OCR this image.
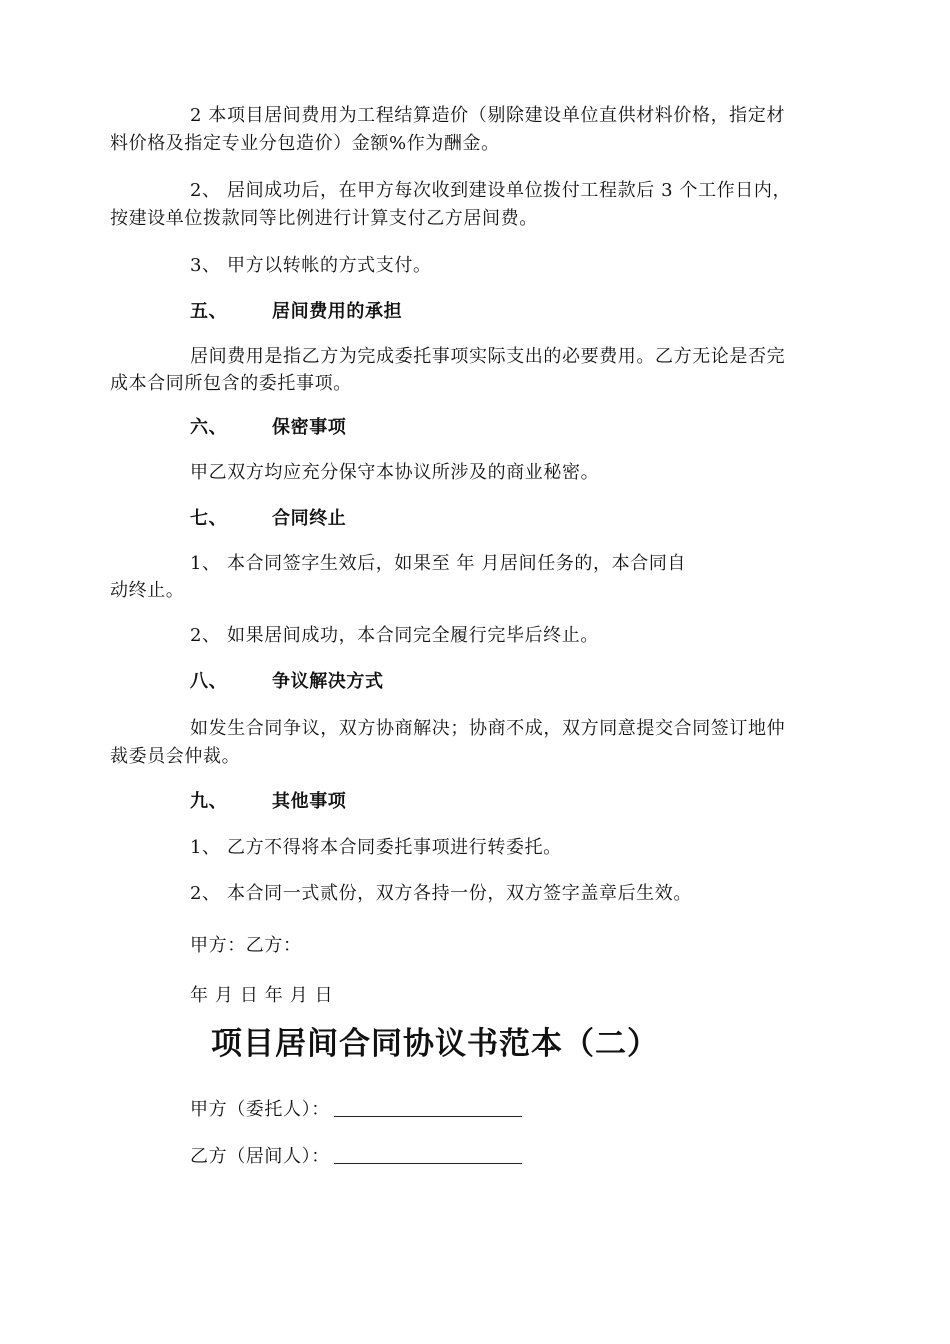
2 本项目居间费用为工程结算造价（剔除建设单位直供材料价格，指定材
料价格及指定专业分包造价）金额%作为酬金。
2、 居间成功后，在甲方每次收到建设单位拨付工程款后 3 个工作日内，
按建设单位拨款同等比例进行计算支付乙方居间费。
3、 甲方以转帐的方式支付。
五、 居间费用的承担
居间费用是指乙方为完成委托事项实际支出的必要费用。乙方无论是否完
成本合同所包含的委托事项。
六、 保密事项
甲乙双方均应充分保守本协议所涉及的商业秘密。
七、 合同终止
1、 本合同签字生效后，如果至 年 月居间任务的，本合同自
动终止。
2、 如果居间成功，本合同完全履行完毕后终止。
八、 争议解决方式
如发生合同争议，双方协商解决；协商不成，双方同意提交合同签订地仲
裁委员会仲裁。
九、 其他事项
1、 乙方不得将本合同委托事项进行转委托。
2、 本合同一式贰份，双方各持一份，双方签字盖章后生效。
甲方：乙方：
年 月 日 年 月 日
项目居间合同协议书范本（二）
甲方（委托人）：
乙方（居间人）：
